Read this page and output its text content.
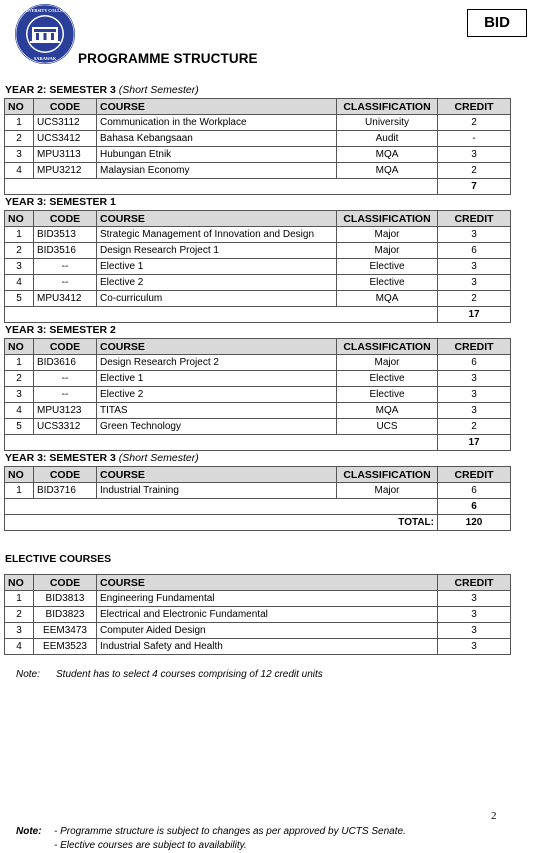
UNIVERSITY COLLEGE
SARAWAK
BID
PROGRAMME STRUCTURE
YEAR 2: SEMESTER 3 (Short Semester)
NO	CODE	COURSE	CLASSIFICATION	CREDIT
1	UCS3112	Communication in the Workplace	University	2
2	UCS3412	Bahasa Kebangsaan	Audit	-
3	MPU3113	Hubungan Etnik	MQA	3
4	MPU3212	Malaysian Economy	MQA	2
				7
YEAR 3: SEMESTER 1
NO	CODE	COURSE	CLASSIFICATION	CREDIT
1	BID3513	Strategic Management of Innovation and Design	Major	3
2	BID3516	Design Research Project 1	Major	6
3	--	Elective 1	Elective	3
4	--	Elective 2	Elective	3
5	MPU3412	Co-curriculum	MQA	2
				17
YEAR 3: SEMESTER 2
NO	CODE	COURSE	CLASSIFICATION	CREDIT
1	BID3616	Design Research Project 2	Major	6
2	--	Elective 1	Elective	3
3	--	Elective 2	Elective	3
4	MPU3123	TITAS	MQA	3
5	UCS3312	Green Technology	UCS	2
				17
YEAR 3: SEMESTER 3 (Short Semester)
NO	CODE	COURSE	CLASSIFICATION	CREDIT
1	BID3716	Industrial Training	Major	6
				6
TOTAL:				120
ELECTIVE COURSES
NO	CODE	COURSE	CREDIT
1	BID3813	Engineering Fundamental	3
2	BID3823	Electrical and Electronic Fundamental	3
3	EEM3473	Computer Aided Design	3
4	EEM3523	Industrial Safety and Health	3
Note: Student has to select 4 courses comprising of 12 credit units
2
Note: - Programme structure is subject to changes as per approved by UCTS Senate.
- Elective courses are subject to availability.
